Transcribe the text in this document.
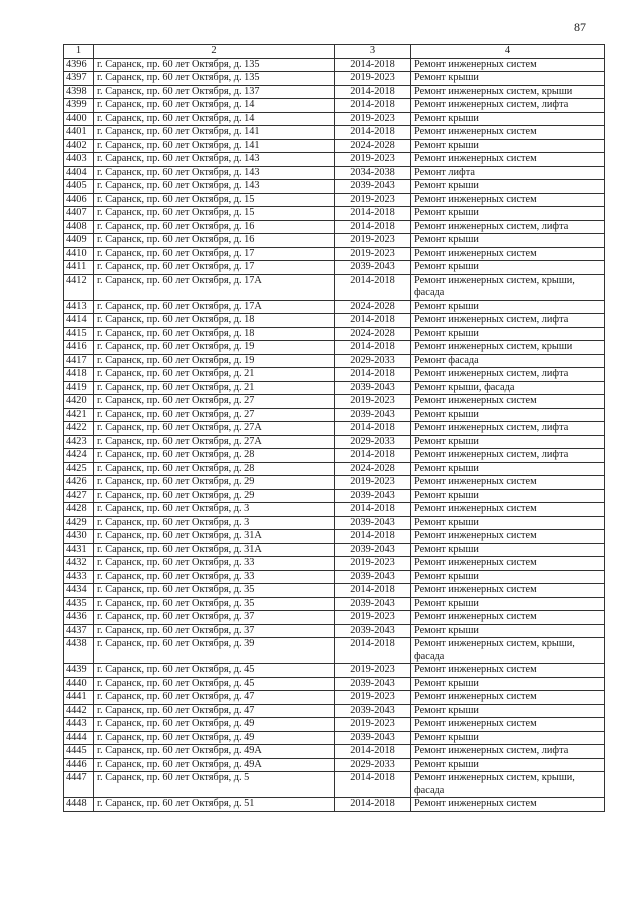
87
1	2	3	4
4396	г. Саранск, пр. 60 лет Октября, д. 135	2014-2018	Ремонт инженерных систем
4397	г. Саранск, пр. 60 лет Октября, д. 135	2019-2023	Ремонт крыши
4398	г. Саранск, пр. 60 лет Октября, д. 137	2014-2018	Ремонт инженерных систем, крыши
4399	г. Саранск, пр. 60 лет Октября, д. 14	2014-2018	Ремонт инженерных систем, лифта
4400	г. Саранск, пр. 60 лет Октября, д. 14	2019-2023	Ремонт крыши
4401	г. Саранск, пр. 60 лет Октября, д. 141	2014-2018	Ремонт инженерных систем
4402	г. Саранск, пр. 60 лет Октября, д. 141	2024-2028	Ремонт крыши
4403	г. Саранск, пр. 60 лет Октября, д. 143	2019-2023	Ремонт инженерных систем
4404	г. Саранск, пр. 60 лет Октября, д. 143	2034-2038	Ремонт лифта
4405	г. Саранск, пр. 60 лет Октября, д. 143	2039-2043	Ремонт крыши
4406	г. Саранск, пр. 60 лет Октября, д. 15	2019-2023	Ремонт инженерных систем
4407	г. Саранск, пр. 60 лет Октября, д. 15	2014-2018	Ремонт крыши
4408	г. Саранск, пр. 60 лет Октября, д. 16	2014-2018	Ремонт инженерных систем, лифта
4409	г. Саранск, пр. 60 лет Октября, д. 16	2019-2023	Ремонт крыши
4410	г. Саранск, пр. 60 лет Октября, д. 17	2019-2023	Ремонт инженерных систем
4411	г. Саранск, пр. 60 лет Октября, д. 17	2039-2043	Ремонт крыши
4412	г. Саранск, пр. 60 лет Октября, д. 17А	2014-2018	Ремонт инженерных систем, крыши, фасада
4413	г. Саранск, пр. 60 лет Октября, д. 17А	2024-2028	Ремонт крыши
4414	г. Саранск, пр. 60 лет Октября, д. 18	2014-2018	Ремонт инженерных систем, лифта
4415	г. Саранск, пр. 60 лет Октября, д. 18	2024-2028	Ремонт крыши
4416	г. Саранск, пр. 60 лет Октября, д. 19	2014-2018	Ремонт инженерных систем, крыши
4417	г. Саранск, пр. 60 лет Октября, д. 19	2029-2033	Ремонт фасада
4418	г. Саранск, пр. 60 лет Октября, д. 21	2014-2018	Ремонт инженерных систем, лифта
4419	г. Саранск, пр. 60 лет Октября, д. 21	2039-2043	Ремонт крыши, фасада
4420	г. Саранск, пр. 60 лет Октября, д. 27	2019-2023	Ремонт инженерных систем
4421	г. Саранск, пр. 60 лет Октября, д. 27	2039-2043	Ремонт крыши
4422	г. Саранск, пр. 60 лет Октября, д. 27А	2014-2018	Ремонт инженерных систем, лифта
4423	г. Саранск, пр. 60 лет Октября, д. 27А	2029-2033	Ремонт крыши
4424	г. Саранск, пр. 60 лет Октября, д. 28	2014-2018	Ремонт инженерных систем, лифта
4425	г. Саранск, пр. 60 лет Октября, д. 28	2024-2028	Ремонт крыши
4426	г. Саранск, пр. 60 лет Октября, д. 29	2019-2023	Ремонт инженерных систем
4427	г. Саранск, пр. 60 лет Октября, д. 29	2039-2043	Ремонт крыши
4428	г. Саранск, пр. 60 лет Октября, д. 3	2014-2018	Ремонт инженерных систем
4429	г. Саранск, пр. 60 лет Октября, д. 3	2039-2043	Ремонт крыши
4430	г. Саранск, пр. 60 лет Октября, д. 31А	2014-2018	Ремонт инженерных систем
4431	г. Саранск, пр. 60 лет Октября, д. 31А	2039-2043	Ремонт крыши
4432	г. Саранск, пр. 60 лет Октября, д. 33	2019-2023	Ремонт инженерных систем
4433	г. Саранск, пр. 60 лет Октября, д. 33	2039-2043	Ремонт крыши
4434	г. Саранск, пр. 60 лет Октября, д. 35	2014-2018	Ремонт инженерных систем
4435	г. Саранск, пр. 60 лет Октября, д. 35	2039-2043	Ремонт крыши
4436	г. Саранск, пр. 60 лет Октября, д. 37	2019-2023	Ремонт инженерных систем
4437	г. Саранск, пр. 60 лет Октября, д. 37	2039-2043	Ремонт крыши
4438	г. Саранск, пр. 60 лет Октября, д. 39	2014-2018	Ремонт инженерных систем, крыши, фасада
4439	г. Саранск, пр. 60 лет Октября, д. 45	2019-2023	Ремонт инженерных систем
4440	г. Саранск, пр. 60 лет Октября, д. 45	2039-2043	Ремонт крыши
4441	г. Саранск, пр. 60 лет Октября, д. 47	2019-2023	Ремонт инженерных систем
4442	г. Саранск, пр. 60 лет Октября, д. 47	2039-2043	Ремонт крыши
4443	г. Саранск, пр. 60 лет Октября, д. 49	2019-2023	Ремонт инженерных систем
4444	г. Саранск, пр. 60 лет Октября, д. 49	2039-2043	Ремонт крыши
4445	г. Саранск, пр. 60 лет Октября, д. 49А	2014-2018	Ремонт инженерных систем, лифта
4446	г. Саранск, пр. 60 лет Октября, д. 49А	2029-2033	Ремонт крыши
4447	г. Саранск, пр. 60 лет Октября, д. 5	2014-2018	Ремонт инженерных систем, крыши, фасада
4448	г. Саранск, пр. 60 лет Октября, д. 51	2014-2018	Ремонт инженерных систем
